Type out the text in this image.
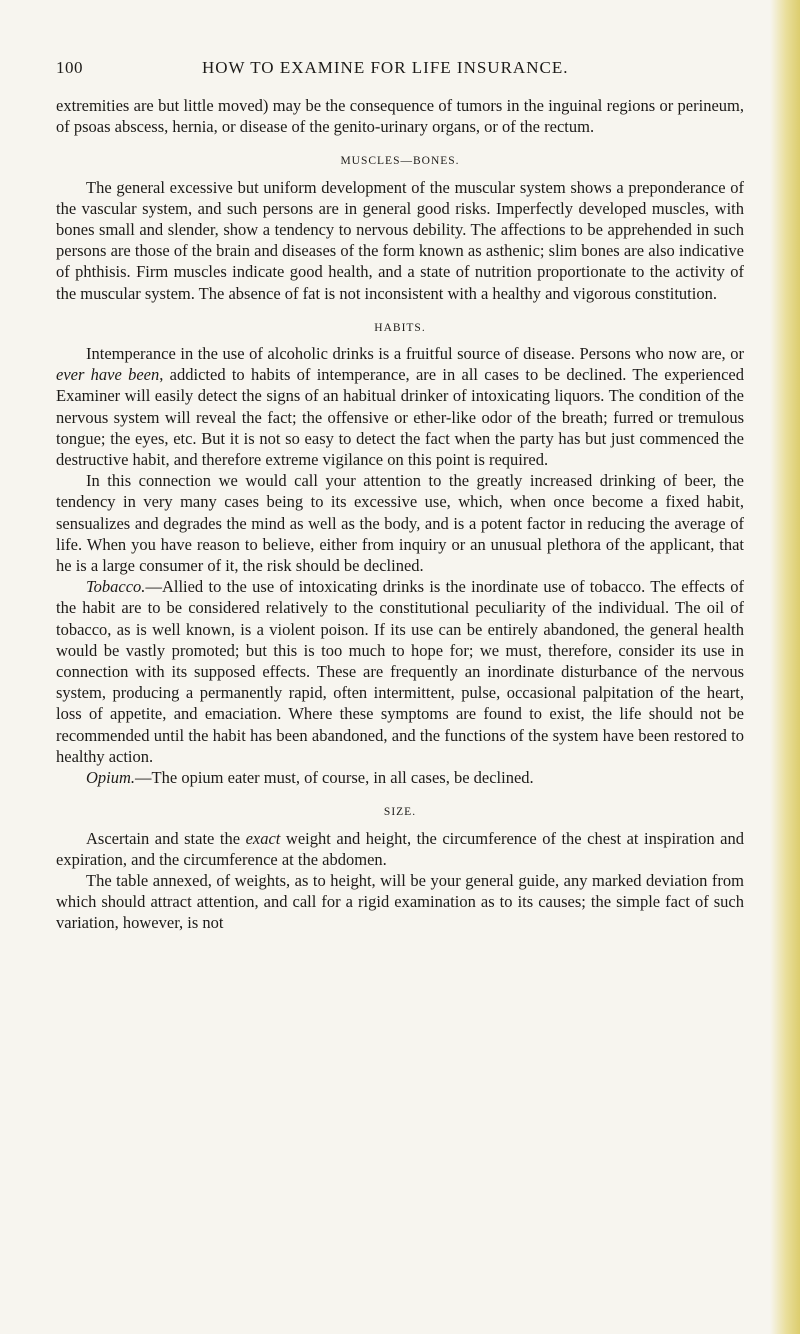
100	HOW TO EXAMINE FOR LIFE INSURANCE.

extremities are but little moved) may be the consequence of tumors in the inguinal regions or perineum, of psoas abscess, hernia, or disease of the genito-urinary organs, or of the rectum.

MUSCLES—BONES.

The general excessive but uniform development of the muscular system shows a preponderance of the vascular system, and such persons are in general good risks. Imperfectly developed muscles, with bones small and slender, show a tendency to nervous debility. The affections to be apprehended in such persons are those of the brain and diseases of the form known as asthenic; slim bones are also indicative of phthisis. Firm muscles indicate good health, and a state of nutrition proportionate to the activity of the muscular system. The absence of fat is not inconsistent with a healthy and vigorous constitution.

HABITS.

Intemperance in the use of alcoholic drinks is a fruitful source of disease. Persons who now are, or ever have been, addicted to habits of intemperance, are in all cases to be declined. The experienced Examiner will easily detect the signs of an habitual drinker of intoxicating liquors. The condition of the nervous system will reveal the fact; the offensive or ether-like odor of the breath; furred or tremulous tongue; the eyes, etc. But it is not so easy to detect the fact when the party has but just commenced the destructive habit, and therefore extreme vigilance on this point is required.

In this connection we would call your attention to the greatly increased drinking of beer, the tendency in very many cases being to its excessive use, which, when once become a fixed habit, sensualizes and degrades the mind as well as the body, and is a potent factor in reducing the average of life. When you have reason to believe, either from inquiry or an unusual plethora of the applicant, that he is a large consumer of it, the risk should be declined.

Tobacco.—Allied to the use of intoxicating drinks is the inordinate use of tobacco. The effects of the habit are to be considered relatively to the constitutional peculiarity of the individual. The oil of tobacco, as is well known, is a violent poison. If its use can be entirely abandoned, the general health would be vastly promoted; but this is too much to hope for; we must, therefore, consider its use in connection with its supposed effects. These are frequently an inordinate disturbance of the nervous system, producing a permanently rapid, often intermittent, pulse, occasional palpitation of the heart, loss of appetite, and emaciation. Where these symptoms are found to exist, the life should not be recommended until the habit has been abandoned, and the functions of the system have been restored to healthy action.

Opium.—The opium eater must, of course, in all cases, be declined.

SIZE.

Ascertain and state the exact weight and height, the circumference of the chest at inspiration and expiration, and the circumference at the abdomen.

The table annexed, of weights, as to height, will be your general guide, any marked deviation from which should attract attention, and call for a rigid examination as to its causes; the simple fact of such variation, however, is not
